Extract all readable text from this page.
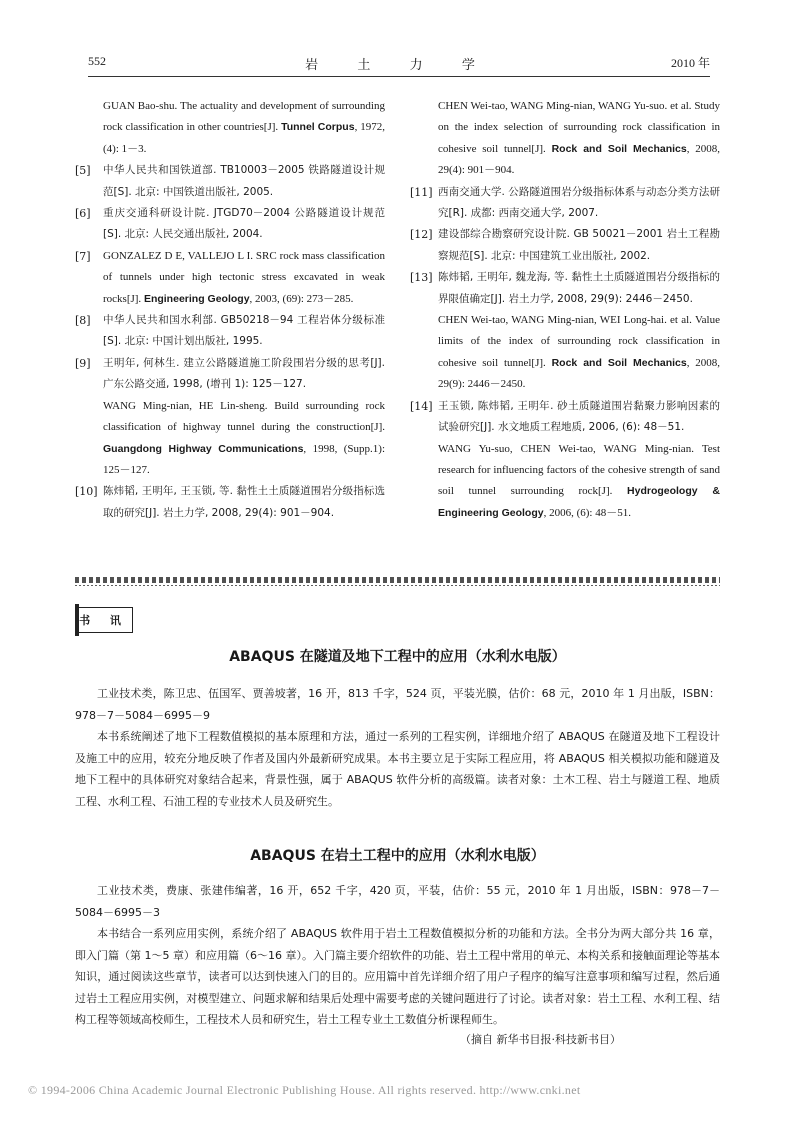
552	岩 土 力 学	2010 年

GUAN Bao-shu. The actuality and development of surrounding rock classification in other countries[J]. Tunnel Corpus, 1972, (4): 1－3.

[5]	中华人民共和国铁道部. TB10003－2005 铁路隧道设计规范[S]. 北京: 中国铁道出版社, 2005.

[6]	重庆交通科研设计院. JTGD70－2004 公路隧道设计规范[S]. 北京: 人民交通出版社, 2004.

[7]	GONZALEZ D E, VALLEJO L I. SRC rock mass classification of tunnels under high tectonic stress excavated in weak rocks[J]. Engineering Geology, 2003, (69): 273－285.

[8]	中华人民共和国水利部. GB50218－94 工程岩体分级标准[S]. 北京: 中国计划出版社, 1995.

[9]	王明年, 何林生. 建立公路隧道施工阶段围岩分级的思考[J]. 广东公路交通, 1998, (增刊 1): 125－127.

WANG Ming-nian, HE Lin-sheng. Build surrounding rock classification of highway tunnel during the construction[J]. Guangdong Highway Communications, 1998, (Supp.1): 125－127.

[10] 陈炜韬, 王明年, 王玉锁, 等. 黏性土土质隧道围岩分级指标选取的研究[J]. 岩土力学, 2008, 29(4): 901－904.

CHEN Wei-tao, WANG Ming-nian, WANG Yu-suo. et al. Study on the index selection of surrounding rock classification in cohesive soil tunnel[J]. Rock and Soil Mechanics, 2008, 29(4): 901－904.

[11] 西南交通大学. 公路隧道围岩分级指标体系与动态分类方法研究[R]. 成都: 西南交通大学, 2007.

[12] 建设部综合勘察研究设计院. GB 50021－2001 岩土工程勘察规范[S]. 北京: 中国建筑工业出版社, 2002.

[13] 陈炜韬, 王明年, 魏龙海, 等. 黏性土土质隧道围岩分级指标的界限值确定[J]. 岩土力学, 2008, 29(9): 2446－2450.

CHEN Wei-tao, WANG Ming-nian, WEI Long-hai. et al. Value limits of the index of surrounding rock classification in cohesive soil tunnel[J]. Rock and Soil Mechanics, 2008, 29(9): 2446－2450.

[14] 王玉锁, 陈炜韬, 王明年. 砂土质隧道围岩黏聚力影响因素的试验研究[J]. 水文地质工程地质, 2006, (6): 48－51.

WANG Yu-suo, CHEN Wei-tao, WANG Ming-nian. Test research for influencing factors of the cohesive strength of sand soil tunnel surrounding rock[J]. Hydrogeology & Engineering Geology, 2006, (6): 48－51.

书 讯
ABAQUS 在隧道及地下工程中的应用（水利水电版）

工业技术类，陈卫忠、伍国军、贾善坡著，16 开，813 千字，524 页，平装光膜，估价：68 元，2010 年 1 月出版，ISBN：978－7－5084－6995－9

本书系统阐述了地下工程数值模拟的基本原理和方法，通过一系列的工程实例，详细地介绍了 ABAQUS 在隧道及地下工程设计及施工中的应用，较充分地反映了作者及国内外最新研究成果。本书主要立足于实际工程应用，将 ABAQUS 相关模拟功能和隧道及地下工程中的具体研究对象结合起来，背景性强，属于 ABAQUS 软件分析的高级篇。读者对象：土木工程、岩土与隧道工程、地质工程、水利工程、石油工程的专业技术人员及研究生。

ABAQUS 在岩土工程中的应用（水利水电版）

工业技术类，费康、张建伟编著，16 开，652 千字，420 页，平装，估价：55 元，2010 年 1 月出版，ISBN：978－7－5084－6995－3

本书结合一系列应用实例，系统介绍了 ABAQUS 软件用于岩土工程数值模拟分析的功能和方法。全书分为两大部分共 16 章，即入门篇（第 1～5 章）和应用篇（6～16 章）。入门篇主要介绍软件的功能、岩土工程中常用的单元、本构关系和接触面理论等基本知识，通过阅读这些章节，读者可以达到快速入门的目的。应用篇中首先详细介绍了用户子程序的编写注意事项和编写过程，然后通过岩土工程应用实例，对模型建立、问题求解和结果后处理中需要考虑的关键问题进行了讨论。读者对象：岩土工程、水利工程、结构工程等领域高校师生，工程技术人员和研究生，岩土工程专业土工数值分析课程师生。

（摘自 新华书目报·科技新书目）
© 1994-2006 China Academic Journal Electronic Publishing House. All rights reserved. http://www.cnki.net
